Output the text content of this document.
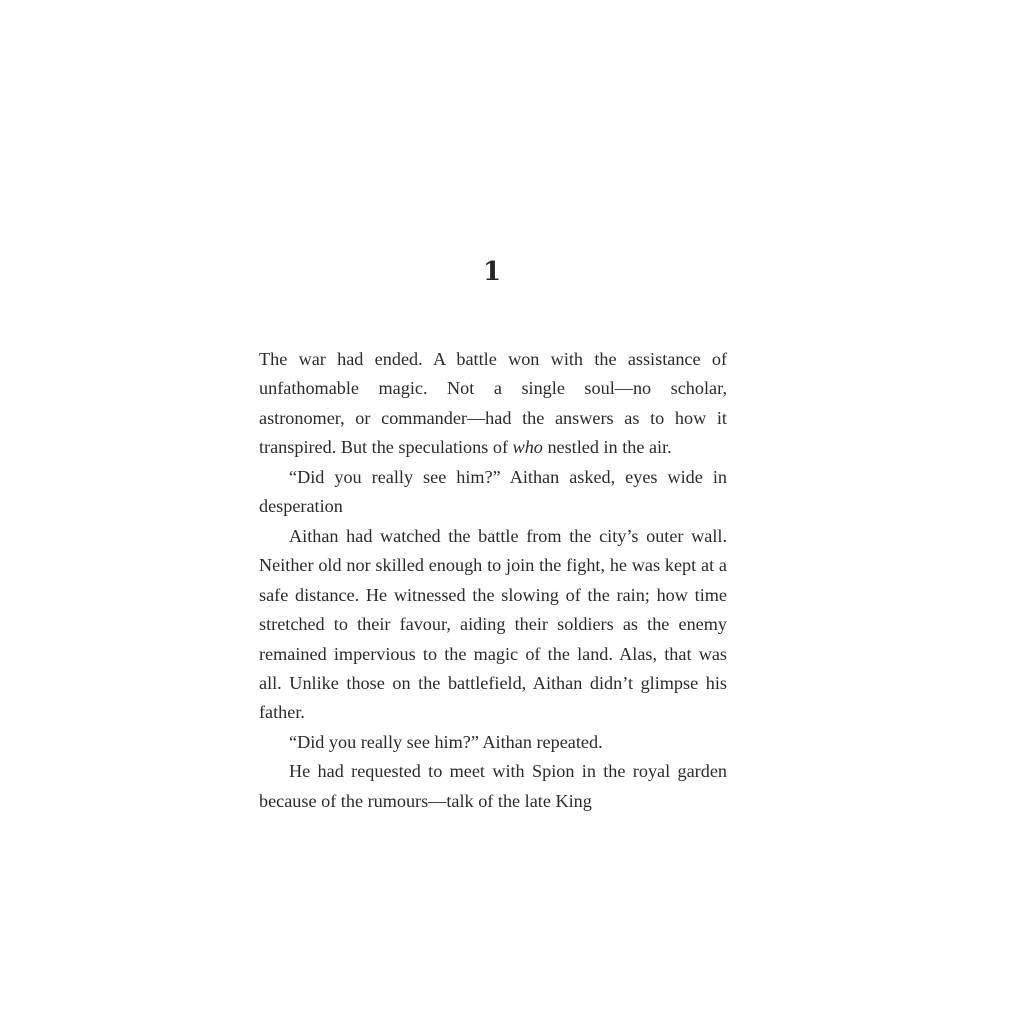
1

The war had ended. A battle won with the assistance of unfathomable magic. Not a single soul—no scholar, astronomer, or commander—had the answers as to how it transpired. But the speculations of who nestled in the air.

“Did you really see him?” Aithan asked, eyes wide in desperation

Aithan had watched the battle from the city’s outer wall. Neither old nor skilled enough to join the fight, he was kept at a safe distance. He witnessed the slowing of the rain; how time stretched to their favour, aiding their soldiers as the enemy remained impervious to the magic of the land. Alas, that was all. Unlike those on the battlefield, Aithan didn’t glimpse his father.

“Did you really see him?” Aithan repeated.

He had requested to meet with Spion in the royal garden because of the rumours—talk of the late King
